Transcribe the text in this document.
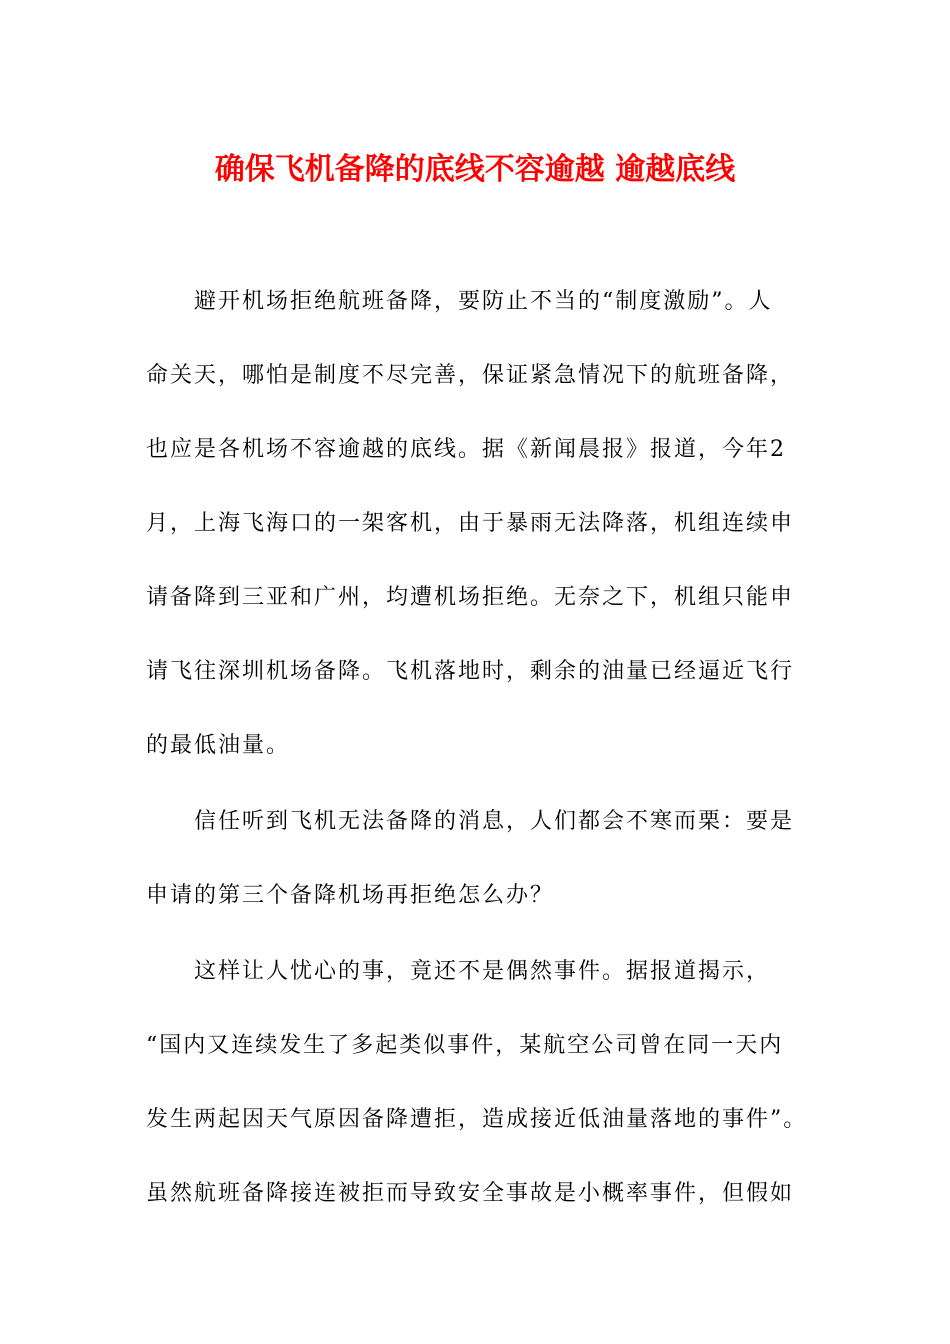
确保飞机备降的底线不容逾越 逾越底线

避开机场拒绝航班备降，要防止不当的“制度激励”。人

命关天，哪怕是制度不尽完善，保证紧急情况下的航班备降，

也应是各机场不容逾越的底线。据《新闻晨报》报道，今年2

月，上海飞海口的一架客机，由于暴雨无法降落，机组连续申

请备降到三亚和广州，均遭机场拒绝。无奈之下，机组只能申

请飞往深圳机场备降。飞机落地时，剩余的油量已经逼近飞行

的最低油量。

信任听到飞机无法备降的消息，人们都会不寒而栗：要是

申请的第三个备降机场再拒绝怎么办？

这样让人忧心的事，竟还不是偶然事件。据报道揭示，

“国内又连续发生了多起类似事件，某航空公司曾在同一天内

发生两起因天气原因备降遭拒，造成接近低油量落地的事件”。

虽然航班备降接连被拒而导致安全事故是小概率事件，但假如
